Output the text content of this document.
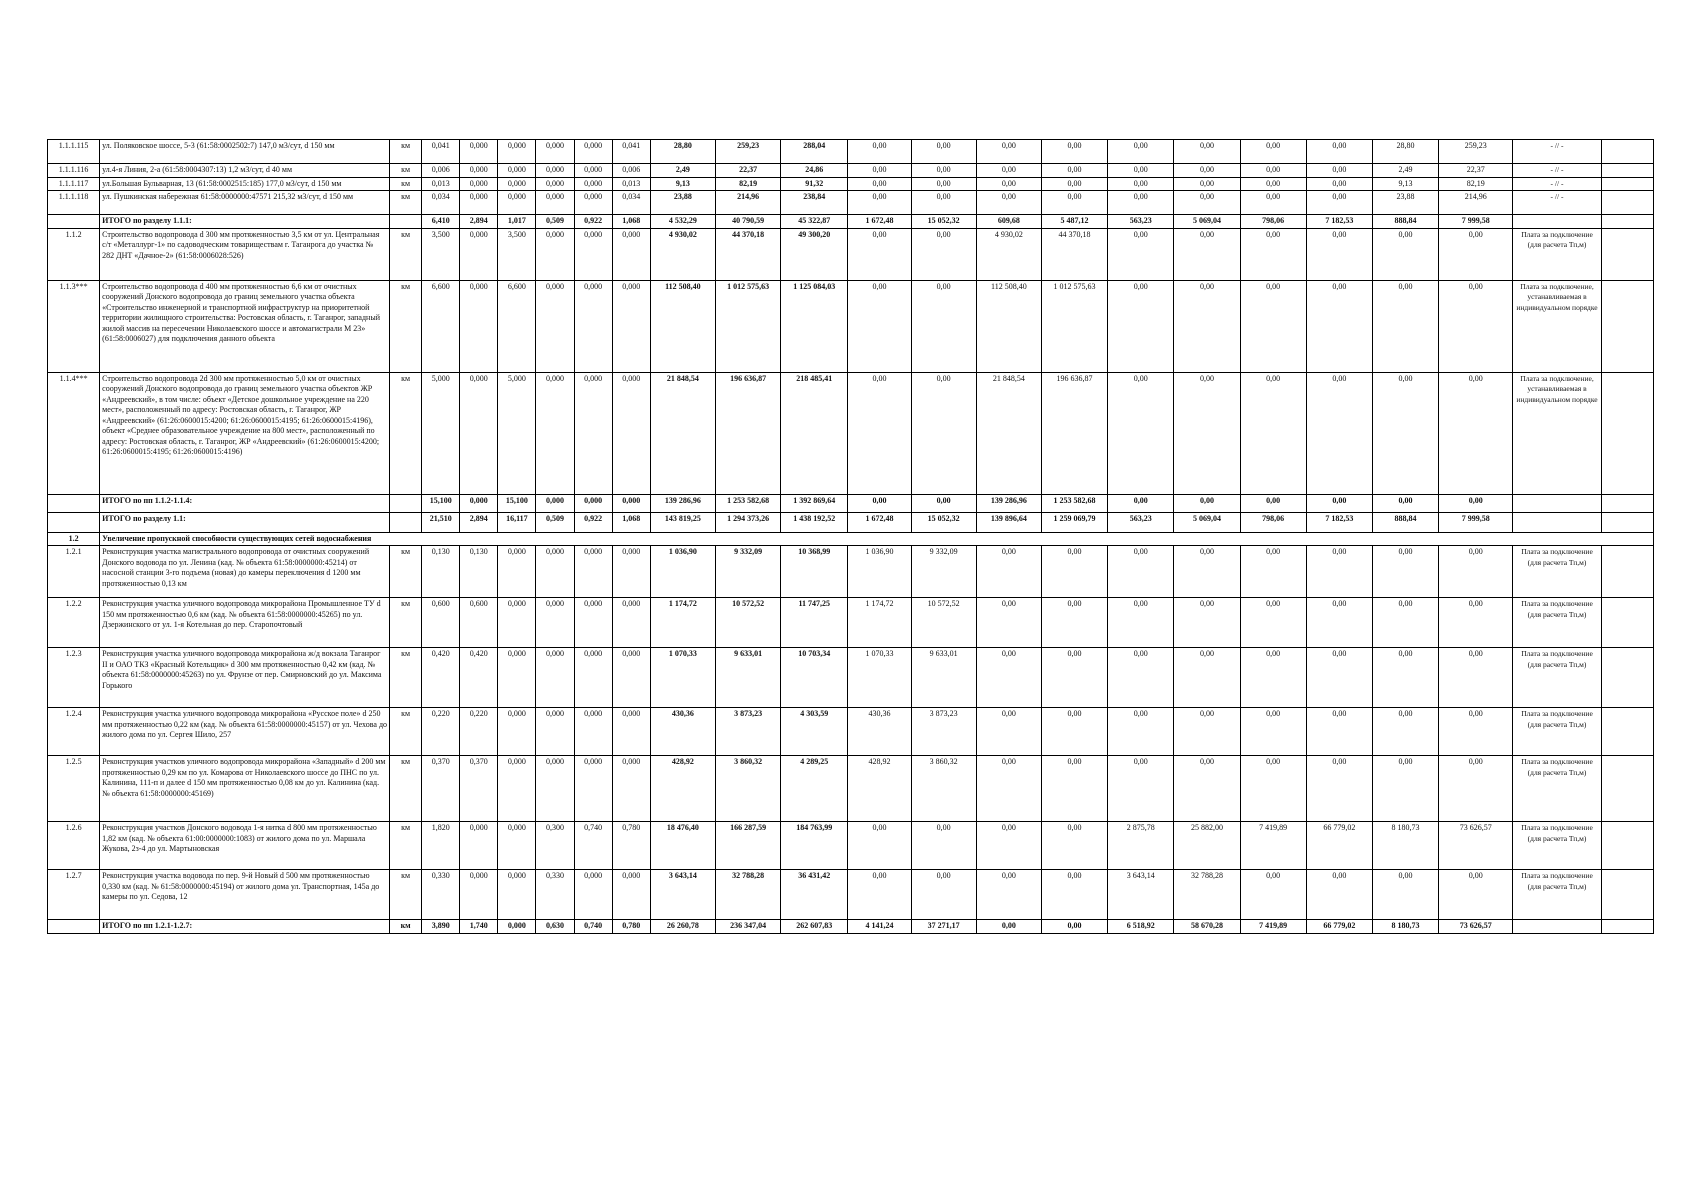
1.1.1.115	ул. Поляковское шоссе, 5-3 (61:58:0002502:7) 147,0 м3/сут, d 150 мм	км	0,041	0,000	0,000	0,000	0,000	0,041	28,80	259,23	288,04	0,00	0,00	0,00	0,00	0,00	0,00	0,00	0,00	28,80	259,23	- // -	
1.1.1.116	ул.4-я Линия, 2-а (61:58:0004307:13) 1,2 м3/сут, d 40 мм	км	0,006	0,000	0,000	0,000	0,000	0,006	2,49	22,37	24,86	0,00	0,00	0,00	0,00	0,00	0,00	0,00	0,00	2,49	22,37	- // -	
1.1.1.117	ул.Большая Бульварная, 13 (61:58:0002515:185) 177,0 м3/сут, d 150 мм	км	0,013	0,000	0,000	0,000	0,000	0,013	9,13	82,19	91,32	0,00	0,00	0,00	0,00	0,00	0,00	0,00	0,00	9,13	82,19	- // -	
1.1.1.118	ул. Пушкинская набережная 61:58:0000000:47571 215,32 м3/сут, d 150 мм	км	0,034	0,000	0,000	0,000	0,000	0,034	23,88	214,96	238,84	0,00	0,00	0,00	0,00	0,00	0,00	0,00	0,00	23,88	214,96	- // -	
	ИТОГО по разделу 1.1.1:		6,410	2,894	1,017	0,509	0,922	1,068	4 532,29	40 790,59	45 322,87	1 672,48	15 052,32	609,68	5 487,12	563,23	5 069,04	798,06	7 182,53	888,84	7 999,58		
1.1.2	Строительство водопровода d 300 мм протяженностью 3,5 км от ул. Центральная с/т «Металлург-1» по садоводческим товариществам г. Таганрога до участка № 282 ДНТ «Дачное-2» (61:58:0006028:526)	км	3,500	0,000	3,500	0,000	0,000	0,000	4 930,02	44 370,18	49 300,20	0,00	0,00	4 930,02	44 370,18	0,00	0,00	0,00	0,00	0,00	0,00	Плата за подключение (для расчета Тп,м)	
1.1.3***	Строительство водопровода d 400 мм протяженностью 6,6 км от очистных сооружений Донского водопровода до границ земельного участка объекта «Строительство инженерной и транспортной инфраструктур на приоритетной территории жилищного строительства: Ростовская область, г. Таганрог, западный жилой массив на пересечении Николаевского шоссе и автомагистрали М 23» (61:58:0006027) для подключения данного объекта	км	6,600	0,000	6,600	0,000	0,000	0,000	112 508,40	1 012 575,63	1 125 084,03	0,00	0,00	112 508,40	1 012 575,63	0,00	0,00	0,00	0,00	0,00	0,00	Плата за подключение, устанавливаемая в индивидуальном порядке	
1.1.4***	Строительство водопровода 2d 300 мм протяженностью 5,0 км от очистных сооружений Донского водопровода до границ земельного участка объектов ЖР «Андреевский», в том числе: объект «Детское дошкольное учреждение на 220 мест», расположенный по адресу: Ростовская область, г. Таганрог, ЖР «Андреевский» (61:26:0600015:4200; 61:26:0600015:4195; 61:26:0600015:4196), объект «Среднее образовательное учреждение на 800 мест», расположенный по адресу: Ростовская область, г. Таганрог, ЖР «Андреевский» (61:26:0600015:4200; 61:26:0600015:4195; 61:26:0600015:4196)	км	5,000	0,000	5,000	0,000	0,000	0,000	21 848,54	196 636,87	218 485,41	0,00	0,00	21 848,54	196 636,87	0,00	0,00	0,00	0,00	0,00	0,00	Плата за подключение, устанавливаемая в индивидуальном порядке	
	ИТОГО по пп 1.1.2-1.1.4:		15,100	0,000	15,100	0,000	0,000	0,000	139 286,96	1 253 582,68	1 392 869,64	0,00	0,00	139 286,96	1 253 582,68	0,00	0,00	0,00	0,00	0,00	0,00		
	ИТОГО по разделу 1.1:		21,510	2,894	16,117	0,509	0,922	1,068	143 819,25	1 294 373,26	1 438 192,52	1 672,48	15 052,32	139 896,64	1 259 069,79	563,23	5 069,04	798,06	7 182,53	888,84	7 999,58		
1.2	Увеличение пропускной способности существующих сетей водоснабжения																						
1.2.1	Реконструкция участка магистрального водопровода от очистных сооружений Донского водовода по ул. Ленина (кад. № объекта 61:58:0000000:45214) от насосной станции 3-го подъема (новая) до камеры переключения d 1200 мм протяженностью 0,13 км	км	0,130	0,130	0,000	0,000	0,000	0,000	1 036,90	9 332,09	10 368,99	1 036,90	9 332,09	0,00	0,00	0,00	0,00	0,00	0,00	0,00	0,00	Плата за подключение (для расчета Тп,м)	
1.2.2	Реконструкция участка уличного водопровода микрорайона Промышленное ТУ d 150 мм протяженностью 0,6 км (кад. № объекта 61:58:0000000:45265) по ул. Дзержинского от ул. 1-я Котельная до пер. Старопочтовый	км	0,600	0,600	0,000	0,000	0,000	0,000	1 174,72	10 572,52	11 747,25	1 174,72	10 572,52	0,00	0,00	0,00	0,00	0,00	0,00	0,00	0,00	Плата за подключение (для расчета Тп,м)	
1.2.3	Реконструкция участка уличного водопровода микрорайона ж/д вокзала Таганрог II и ОАО ТКЗ «Красный Котельщик» d 300 мм протяженностью 0,42 км (кад. № объекта 61:58:0000000:45263) по ул. Фрунзе от пер. Смирновский до ул. Максима Горького	км	0,420	0,420	0,000	0,000	0,000	0,000	1 070,33	9 633,01	10 703,34	1 070,33	9 633,01	0,00	0,00	0,00	0,00	0,00	0,00	0,00	0,00	Плата за подключение (для расчета Тп,м)	
1.2.4	Реконструкция участка уличного водопровода микрорайона «Русское поле» d 250 мм протяженностью 0,22 км (кад. № объекта 61:58:0000000:45157) от ул. Чехова до жилого дома по ул. Сергея Шило, 257	км	0,220	0,220	0,000	0,000	0,000	0,000	430,36	3 873,23	4 303,59	430,36	3 873,23	0,00	0,00	0,00	0,00	0,00	0,00	0,00	0,00	Плата за подключение (для расчета Тп,м)	
1.2.5	Реконструкция участков уличного водопровода микрорайона «Западный» d 200 мм протяженностью 0,29 км по ул. Комарова от Николаевского шоссе до ПНС по ул. Калинина, 111-п и далее d 150 мм протяженностью 0,08 км до ул. Калинина (кад. № объекта 61:58:0000000:45169)	км	0,370	0,370	0,000	0,000	0,000	0,000	428,92	3 860,32	4 289,25	428,92	3 860,32	0,00	0,00	0,00	0,00	0,00	0,00	0,00	0,00	Плата за подключение (для расчета Тп,м)	
1.2.6	Реконструкция участков Донского водовода 1-я нитка d 800 мм протяженностью 1,82 км (кад. № объекта 61:00:0000000:1083) от жилого дома по ул. Маршала Жукова, 2з-4 до ул. Мартыновская	км	1,820	0,000	0,000	0,300	0,740	0,780	18 476,40	166 287,59	184 763,99	0,00	0,00	0,00	0,00	2 875,78	25 882,00	7 419,89	66 779,02	8 180,73	73 626,57	Плата за подключение (для расчета Тп,м)	
1.2.7	Реконструкция участка водовода по пер. 9-й Новый d 500 мм протяженностью 0,330 км (кад. № 61:58:0000000:45194) от жилого дома ул. Транспортная, 145а до камеры по ул. Седова, 12	км	0,330	0,000	0,000	0,330	0,000	0,000	3 643,14	32 788,28	36 431,42	0,00	0,00	0,00	0,00	3 643,14	32 788,28	0,00	0,00	0,00	0,00	Плата за подключение (для расчета Тп,м)	
	ИТОГО по пп 1.2.1-1.2.7:	км	3,890	1,740	0,000	0,630	0,740	0,780	26 260,78	236 347,04	262 607,83	4 141,24	37 271,17	0,00	0,00	6 518,92	58 670,28	7 419,89	66 779,02	8 180,73	73 626,57		
